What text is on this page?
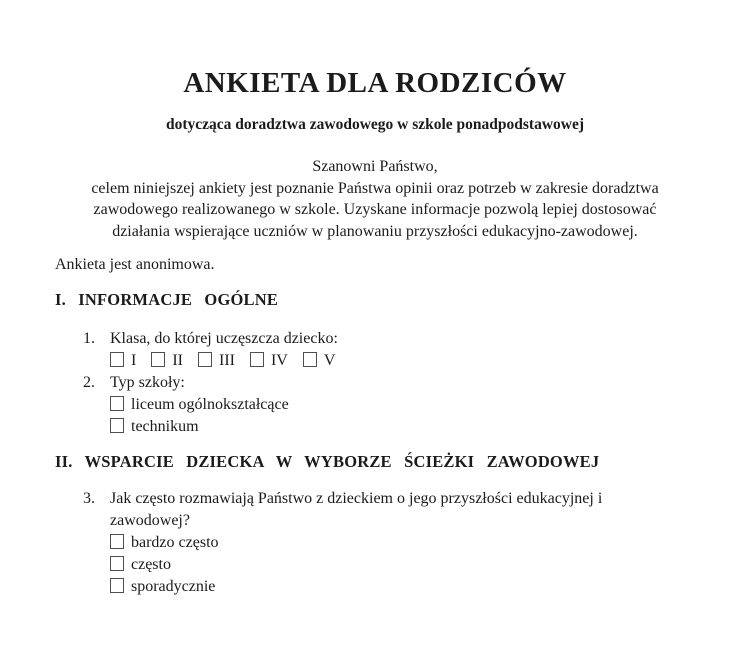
ANKIETA DLA RODZICÓW
dotycząca doradztwa zawodowego w szkole ponadpodstawowej
Szanowni Państwo,
celem niniejszej ankiety jest poznanie Państwa opinii oraz potrzeb w zakresie doradztwa
zawodowego realizowanego w szkole. Uzyskane informacje pozwolą lepiej dostosować
działania wspierające uczniów w planowaniu przyszłości edukacyjno-zawodowej.
Ankieta jest anonimowa.
I. INFORMACJE OGÓLNE
1. Klasa, do której uczęszcza dziecko:
I II III IV V
2. Typ szkoły:
liceum ogólnokształcące
technikum
II. WSPARCIE DZIECKA W WYBORZE ŚCIEŻKI ZAWODOWEJ
3. Jak często rozmawiają Państwo z dzieckiem o jego przyszłości edukacyjnej i zawodowej?
bardzo często
często
sporadycznie
